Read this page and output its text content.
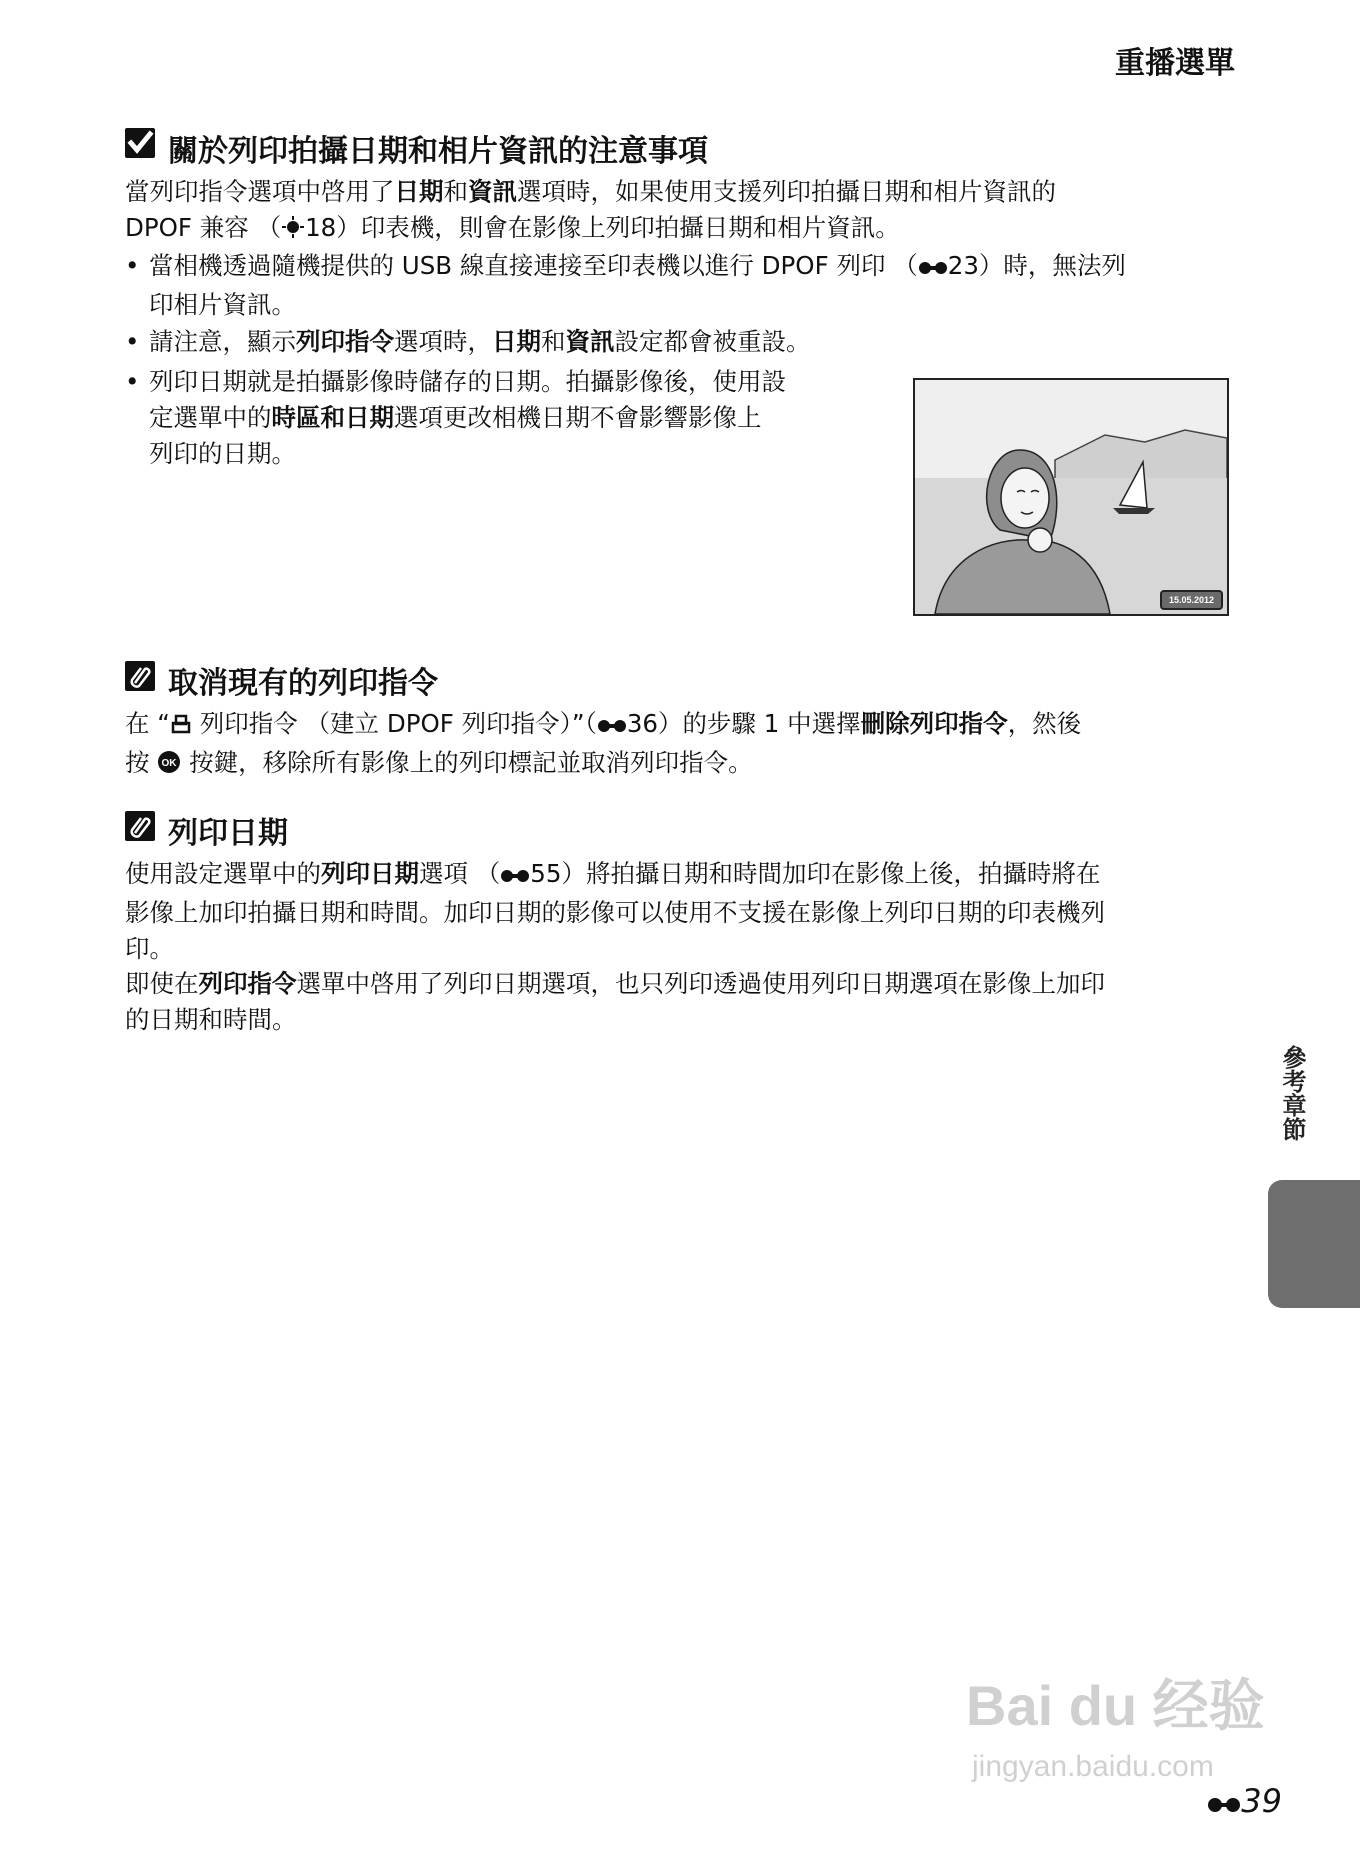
重播選單
關於列印拍攝日期和相片資訊的注意事項
當列印指令選項中啓用了日期和資訊選項時，如果使用支援列印拍攝日期和相片資訊的
DPOF 兼容 （ 18）印表機，則會在影像上列印拍攝日期和相片資訊。
• 當相機透過隨機提供的 USB 線直接連接至印表機以進行 DPOF 列印 （ 23）時，無法列
印相片資訊。
• 請注意，顯示列印指令選項時，日期和資訊設定都會被重設。
• 列印日期就是拍攝影像時儲存的日期。拍攝影像後，使用設
定選單中的時區和日期選項更改相機日期不會影響影像上
列印的日期。
15.05.2012
取消現有的列印指令
在 “ 列印指令 （建立 DPOF 列印指令）”（ 36）的步驟 1 中選擇刪除列印指令，然後
按 OK 按鍵，移除所有影像上的列印標記並取消列印指令。
列印日期
使用設定選單中的列印日期選項 （ 55）將拍攝日期和時間加印在影像上後，拍攝時將在
影像上加印拍攝日期和時間。加印日期的影像可以使用不支援在影像上列印日期的印表機列
印。
即使在列印指令選單中啓用了列印日期選項，也只列印透過使用列印日期選項在影像上加印
的日期和時間。
參考章節
Bai du 经验
jingyan.baidu.com
39
